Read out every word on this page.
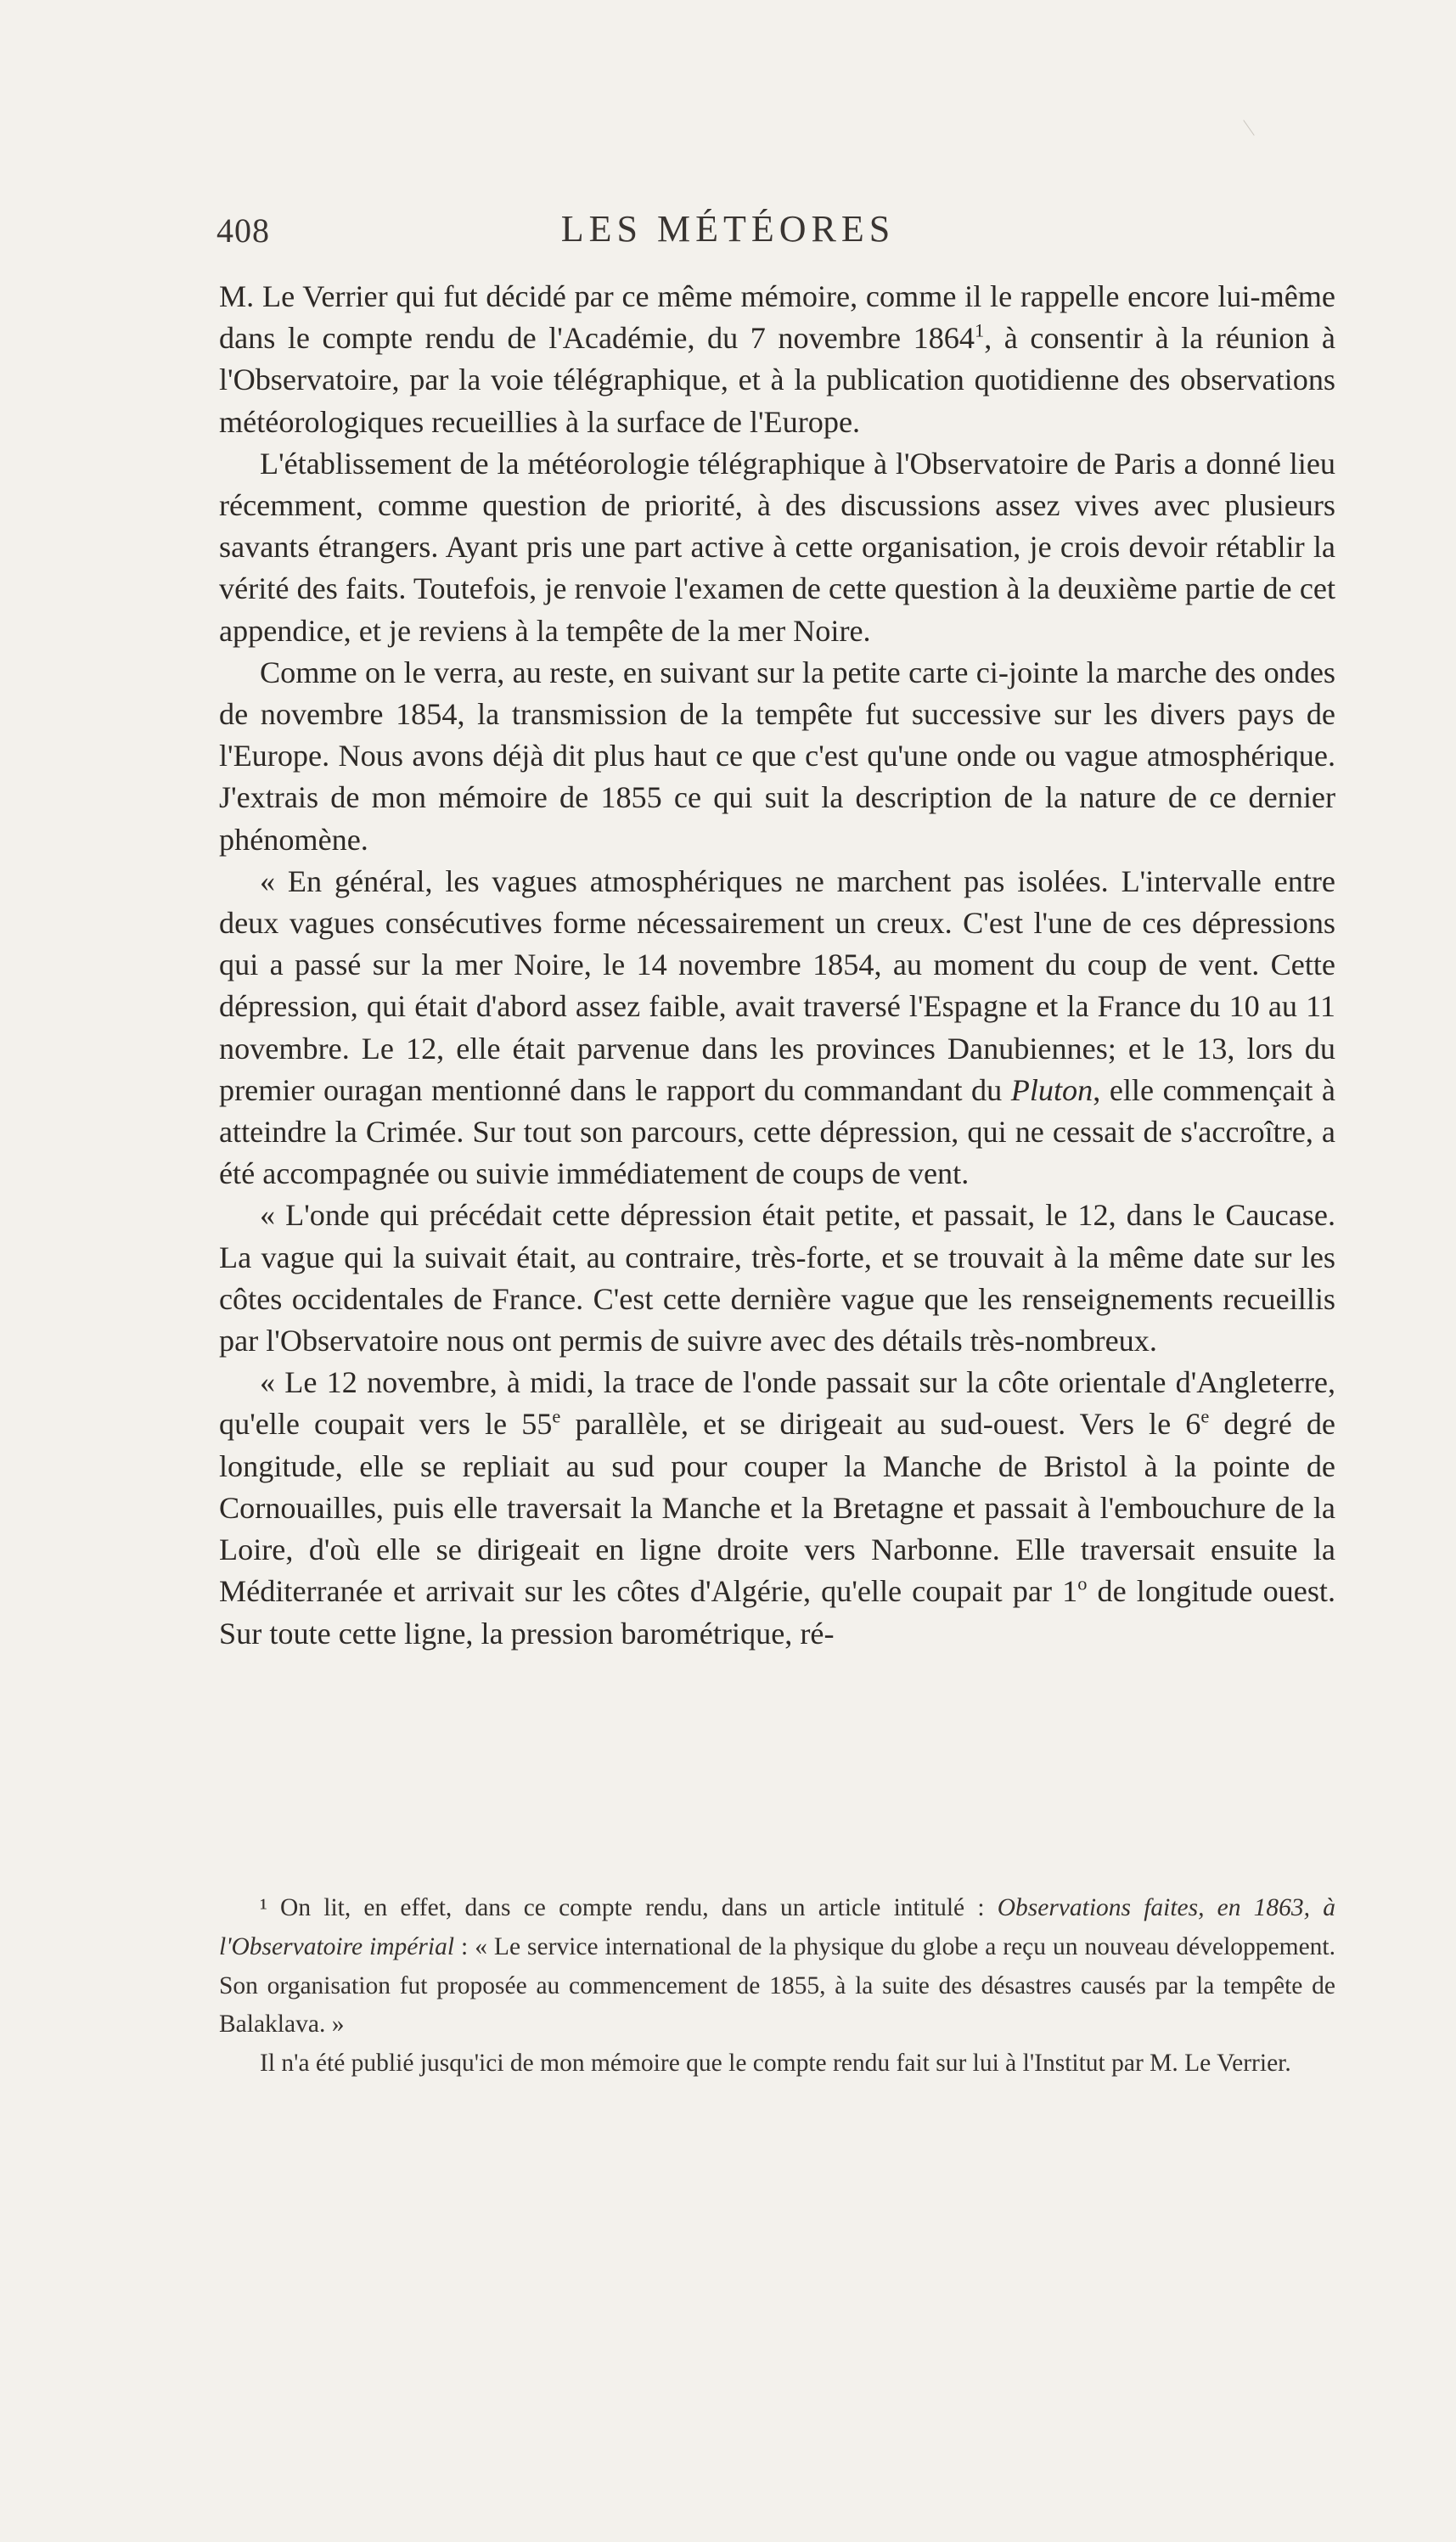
408	LES MÉTÉORES

M. Le Verrier qui fut décidé par ce même mémoire, comme il le rappelle encore lui-même dans le compte rendu de l'Académie, du 7 novembre 1864$^1$, à consentir à la réunion à l'Observatoire, par la voie télégraphique, et à la publication quotidienne des observations météorologiques recueillies à la surface de l'Europe.

L'établissement de la météorologie télégraphique à l'Observatoire de Paris a donné lieu récemment, comme question de priorité, à des discussions assez vives avec plusieurs savants étrangers. Ayant pris une part active à cette organisation, je crois devoir rétablir la vérité des faits. Toutefois, je renvoie l'examen de cette question à la deuxième partie de cet appendice, et je reviens à la tempête de la mer Noire.

Comme on le verra, au reste, en suivant sur la petite carte ci-jointe la marche des ondes de novembre 1854, la transmission de la tempête fut successive sur les divers pays de l'Europe. Nous avons déjà dit plus haut ce que c'est qu'une onde ou vague atmosphérique. J'extrais de mon mémoire de 1855 ce qui suit la description de la nature de ce dernier phénomène.

« En général, les vagues atmosphériques ne marchent pas isolées. L'intervalle entre deux vagues consécutives forme nécessairement un creux. C'est l'une de ces dépressions qui a passé sur la mer Noire, le 14 novembre 1854, au moment du coup de vent. Cette dépression, qui était d'abord assez faible, avait traversé l'Espagne et la France du 10 au 11 novembre. Le 12, elle était parvenue dans les provinces Danubiennes; et le 13, lors du premier ouragan mentionné dans le rapport du commandant du Pluton, elle commençait à atteindre la Crimée. Sur tout son parcours, cette dépression, qui ne cessait de s'accroître, a été accompagnée ou suivie immédiatement de coups de vent.

« L'onde qui précédait cette dépression était petite, et passait, le 12, dans le Caucase. La vague qui la suivait était, au contraire, très-forte, et se trouvait à la même date sur les côtes occidentales de France. C'est cette dernière vague que les renseignements recueillis par l'Observatoire nous ont permis de suivre avec des détails très-nombreux.

« Le 12 novembre, à midi, la trace de l'onde passait sur la côte orientale d'Angleterre, qu'elle coupait vers le 55e parallèle, et se dirigeait au sud-ouest. Vers le 6e degré de longitude, elle se repliait au sud pour couper la Manche de Bristol à la pointe de Cornouailles, puis elle traversait la Manche et la Bretagne et passait à l'embouchure de la Loire, d'où elle se dirigeait en ligne droite vers Narbonne. Elle traversait ensuite la Méditerranée et arrivait sur les côtes d'Algérie, qu'elle coupait par 1$^o$ de longitude ouest. Sur toute cette ligne, la pression barométrique, ré-

¹ On lit, en effet, dans ce compte rendu, dans un article intitulé : Observations faites, en 1863, à l'Observatoire impérial : « Le service international de la physique du globe a reçu un nouveau développement. Son organisation fut proposée au commencement de 1855, à la suite des désastres causés par la tempête de Balaklava. »

Il n'a été publié jusqu'ici de mon mémoire que le compte rendu fait sur lui à l'Institut par M. Le Verrier.
